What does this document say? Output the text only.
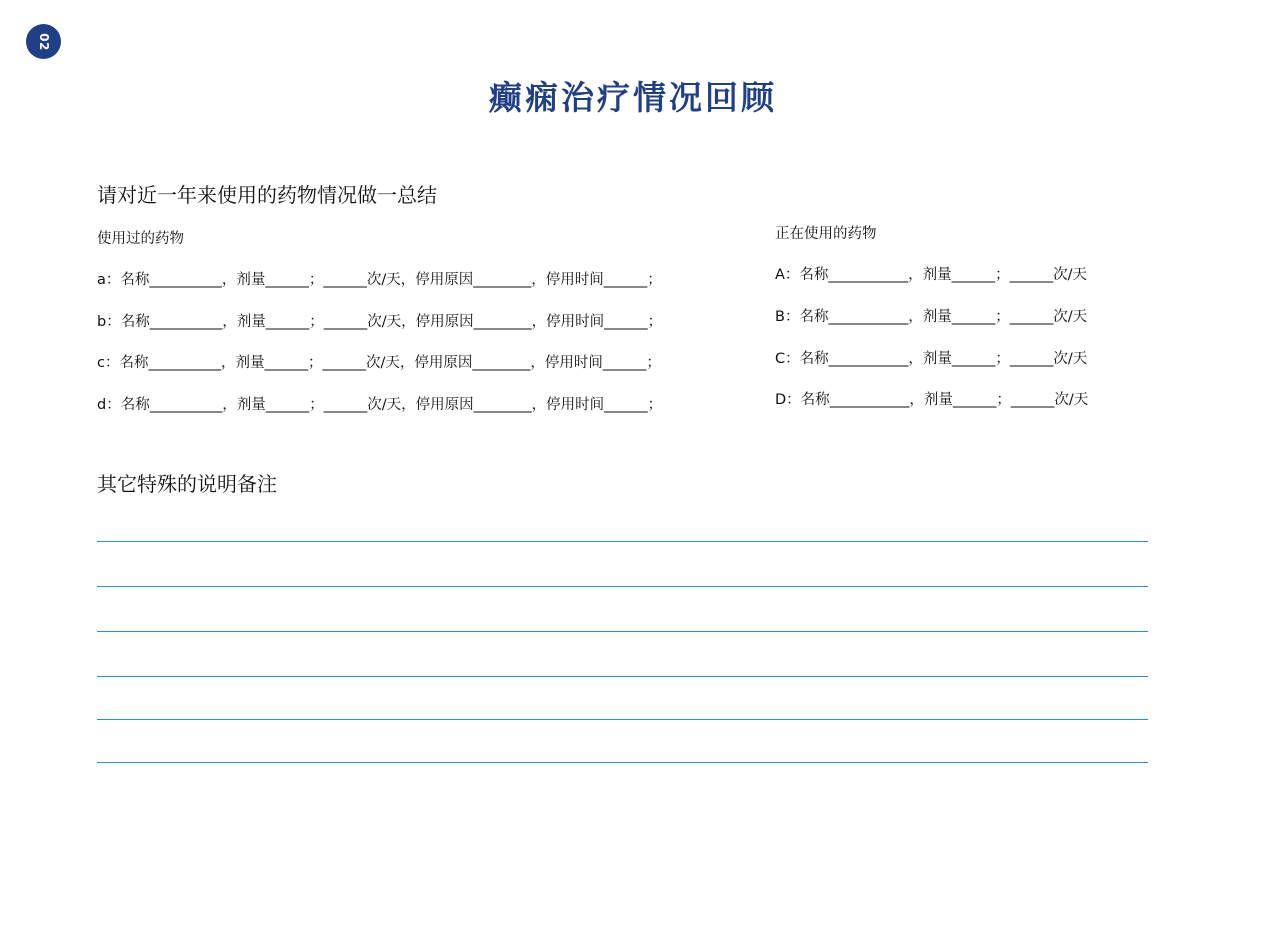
02
癫痫治疗情况回顾
请对近一年来使用的药物情况做一总结
使用过的药物
a：名称__________，剂量______；______次/天，停用原因________，停用时间______；
b：名称__________，剂量______；______次/天，停用原因________，停用时间______；
c：名称__________，剂量______；______次/天，停用原因________，停用时间______；
d：名称__________，剂量______；______次/天，停用原因________，停用时间______；
正在使用的药物
A：名称___________，剂量______；______次/天
B：名称___________，剂量______；______次/天
C：名称___________，剂量______；______次/天
D：名称___________，剂量______；______次/天
其它特殊的说明备注
